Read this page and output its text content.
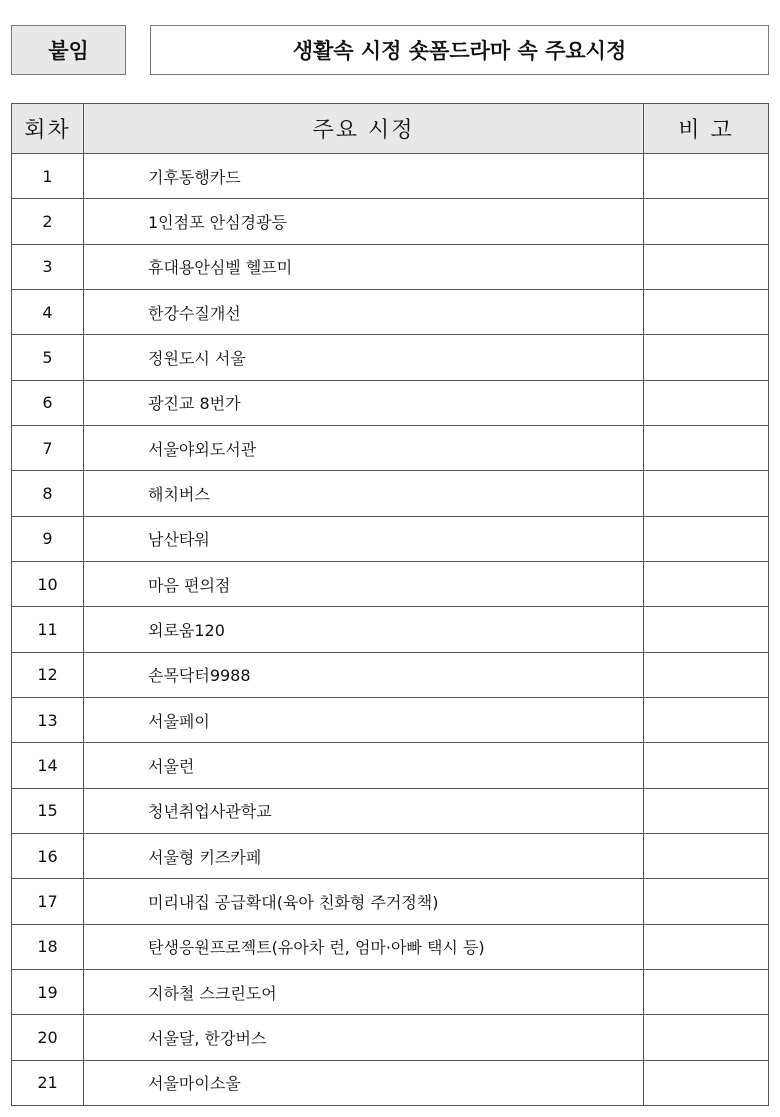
붙임	생활속 시정 숏폼드라마 속 주요시정
회차	주요 시정	비 고
1	기후동행카드	
2	1인점포 안심경광등	
3	휴대용안심벨 헬프미	
4	한강수질개선	
5	정원도시 서울	
6	광진교 8번가	
7	서울야외도서관	
8	해치버스	
9	남산타워	
10	마음 편의점	
11	외로움120	
12	손목닥터9988	
13	서울페이	
14	서울런	
15	청년취업사관학교	
16	서울형 키즈카페	
17	미리내집 공급확대(육아 친화형 주거정책)	
18	탄생응원프로젝트(유아차 런, 엄마·아빠 택시 등)	
19	지하철 스크린도어	
20	서울달, 한강버스	
21	서울마이소울	
